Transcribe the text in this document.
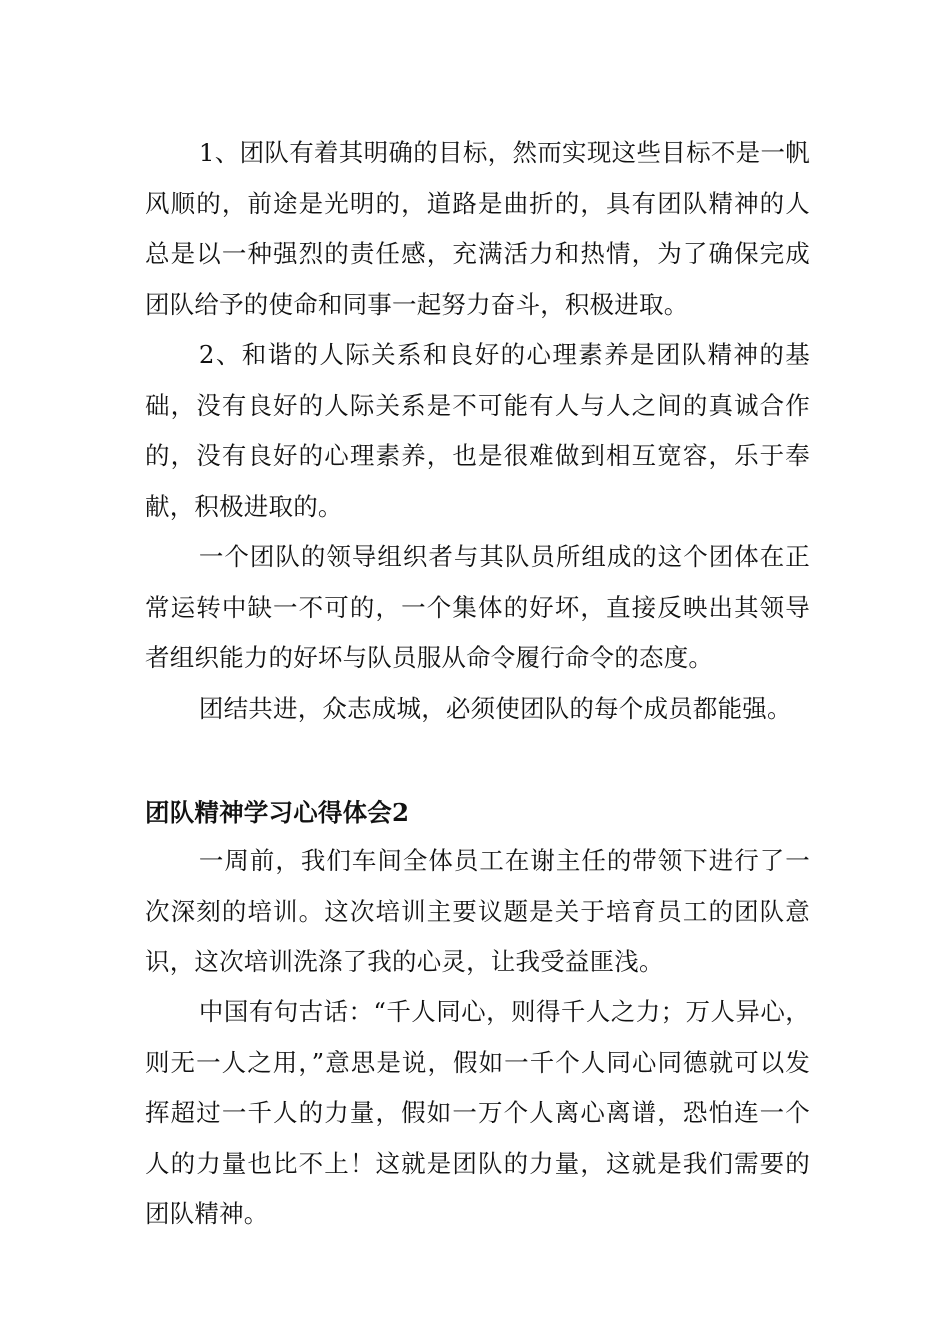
1、团队有着其明确的目标，然而实现这些目标不是一帆风顺的，前途是光明的，道路是曲折的，具有团队精神的人总是以一种强烈的责任感，充满活力和热情，为了确保完成团队给予的使命和同事一起努力奋斗，积极进取。

2、和谐的人际关系和良好的心理素养是团队精神的基础，没有良好的人际关系是不可能有人与人之间的真诚合作的，没有良好的心理素养，也是很难做到相互宽容，乐于奉献，积极进取的。

一个团队的领导组织者与其队员所组成的这个团体在正常运转中缺一不可的，一个集体的好坏，直接反映出其领导者组织能力的好坏与队员服从命令履行命令的态度。

团结共进，众志成城，必须使团队的每个成员都能强。

团队精神学习心得体会2

一周前，我们车间全体员工在谢主任的带领下进行了一次深刻的培训。这次培训主要议题是关于培育员工的团队意识，这次培训洗涤了我的心灵，让我受益匪浅。

中国有句古话：“千人同心，则得千人之力；万人异心，则无一人之用，”意思是说，假如一千个人同心同德就可以发挥超过一千人的力量，假如一万个人离心离谱，恐怕连一个人的力量也比不上！这就是团队的力量，这就是我们需要的团队精神。
